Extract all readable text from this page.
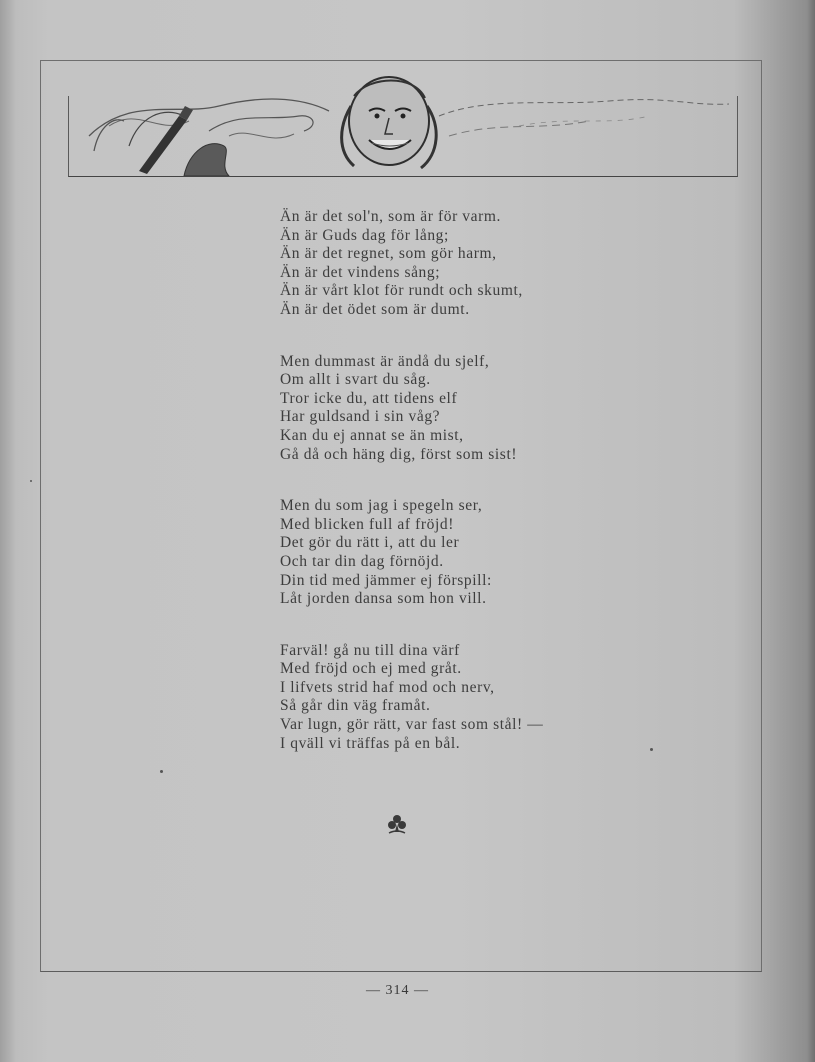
Än är det sol'n, som är för varm.
Än är Guds dag för lång;
Än är det regnet, som gör harm,
Än är det vindens sång;
Än är vårt klot för rundt och skumt,
Än är det ödet som är dumt.
Men dummast är ändå du sjelf,
Om allt i svart du såg.
Tror icke du, att tidens elf
Har guldsand i sin våg?
Kan du ej annat se än mist,
Gå då och häng dig, först som sist!
Men du som jag i spegeln ser,
Med blicken full af fröjd!
Det gör du rätt i, att du ler
Och tar din dag förnöjd.
Din tid med jämmer ej förspill:
Låt jorden dansa som hon vill.
Farväl! gå nu till dina värf
Med fröjd och ej med gråt.
I lifvets strid haf mod och nerv,
Så går din väg framåt.
Var lugn, gör rätt, var fast som stål! —
I qväll vi träffas på en bål.
— 314 —
